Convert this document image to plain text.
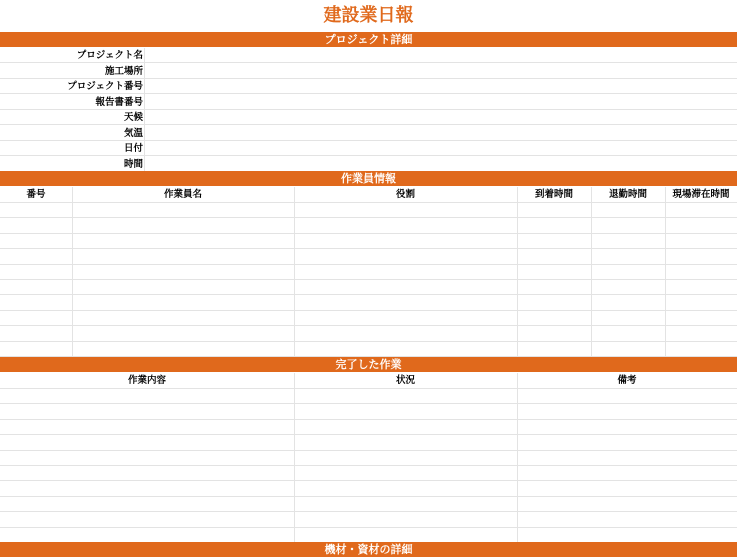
建設業日報
プロジェクト詳細
プロジェクト名
施工場所
プロジェクト番号
報告書番号
天候
気温
日付
時間
作業員情報
番号	作業員名	役割	到着時間	退勤時間	現場滞在時間
完了した作業
作業内容	状況	備考
機材・資材の詳細
